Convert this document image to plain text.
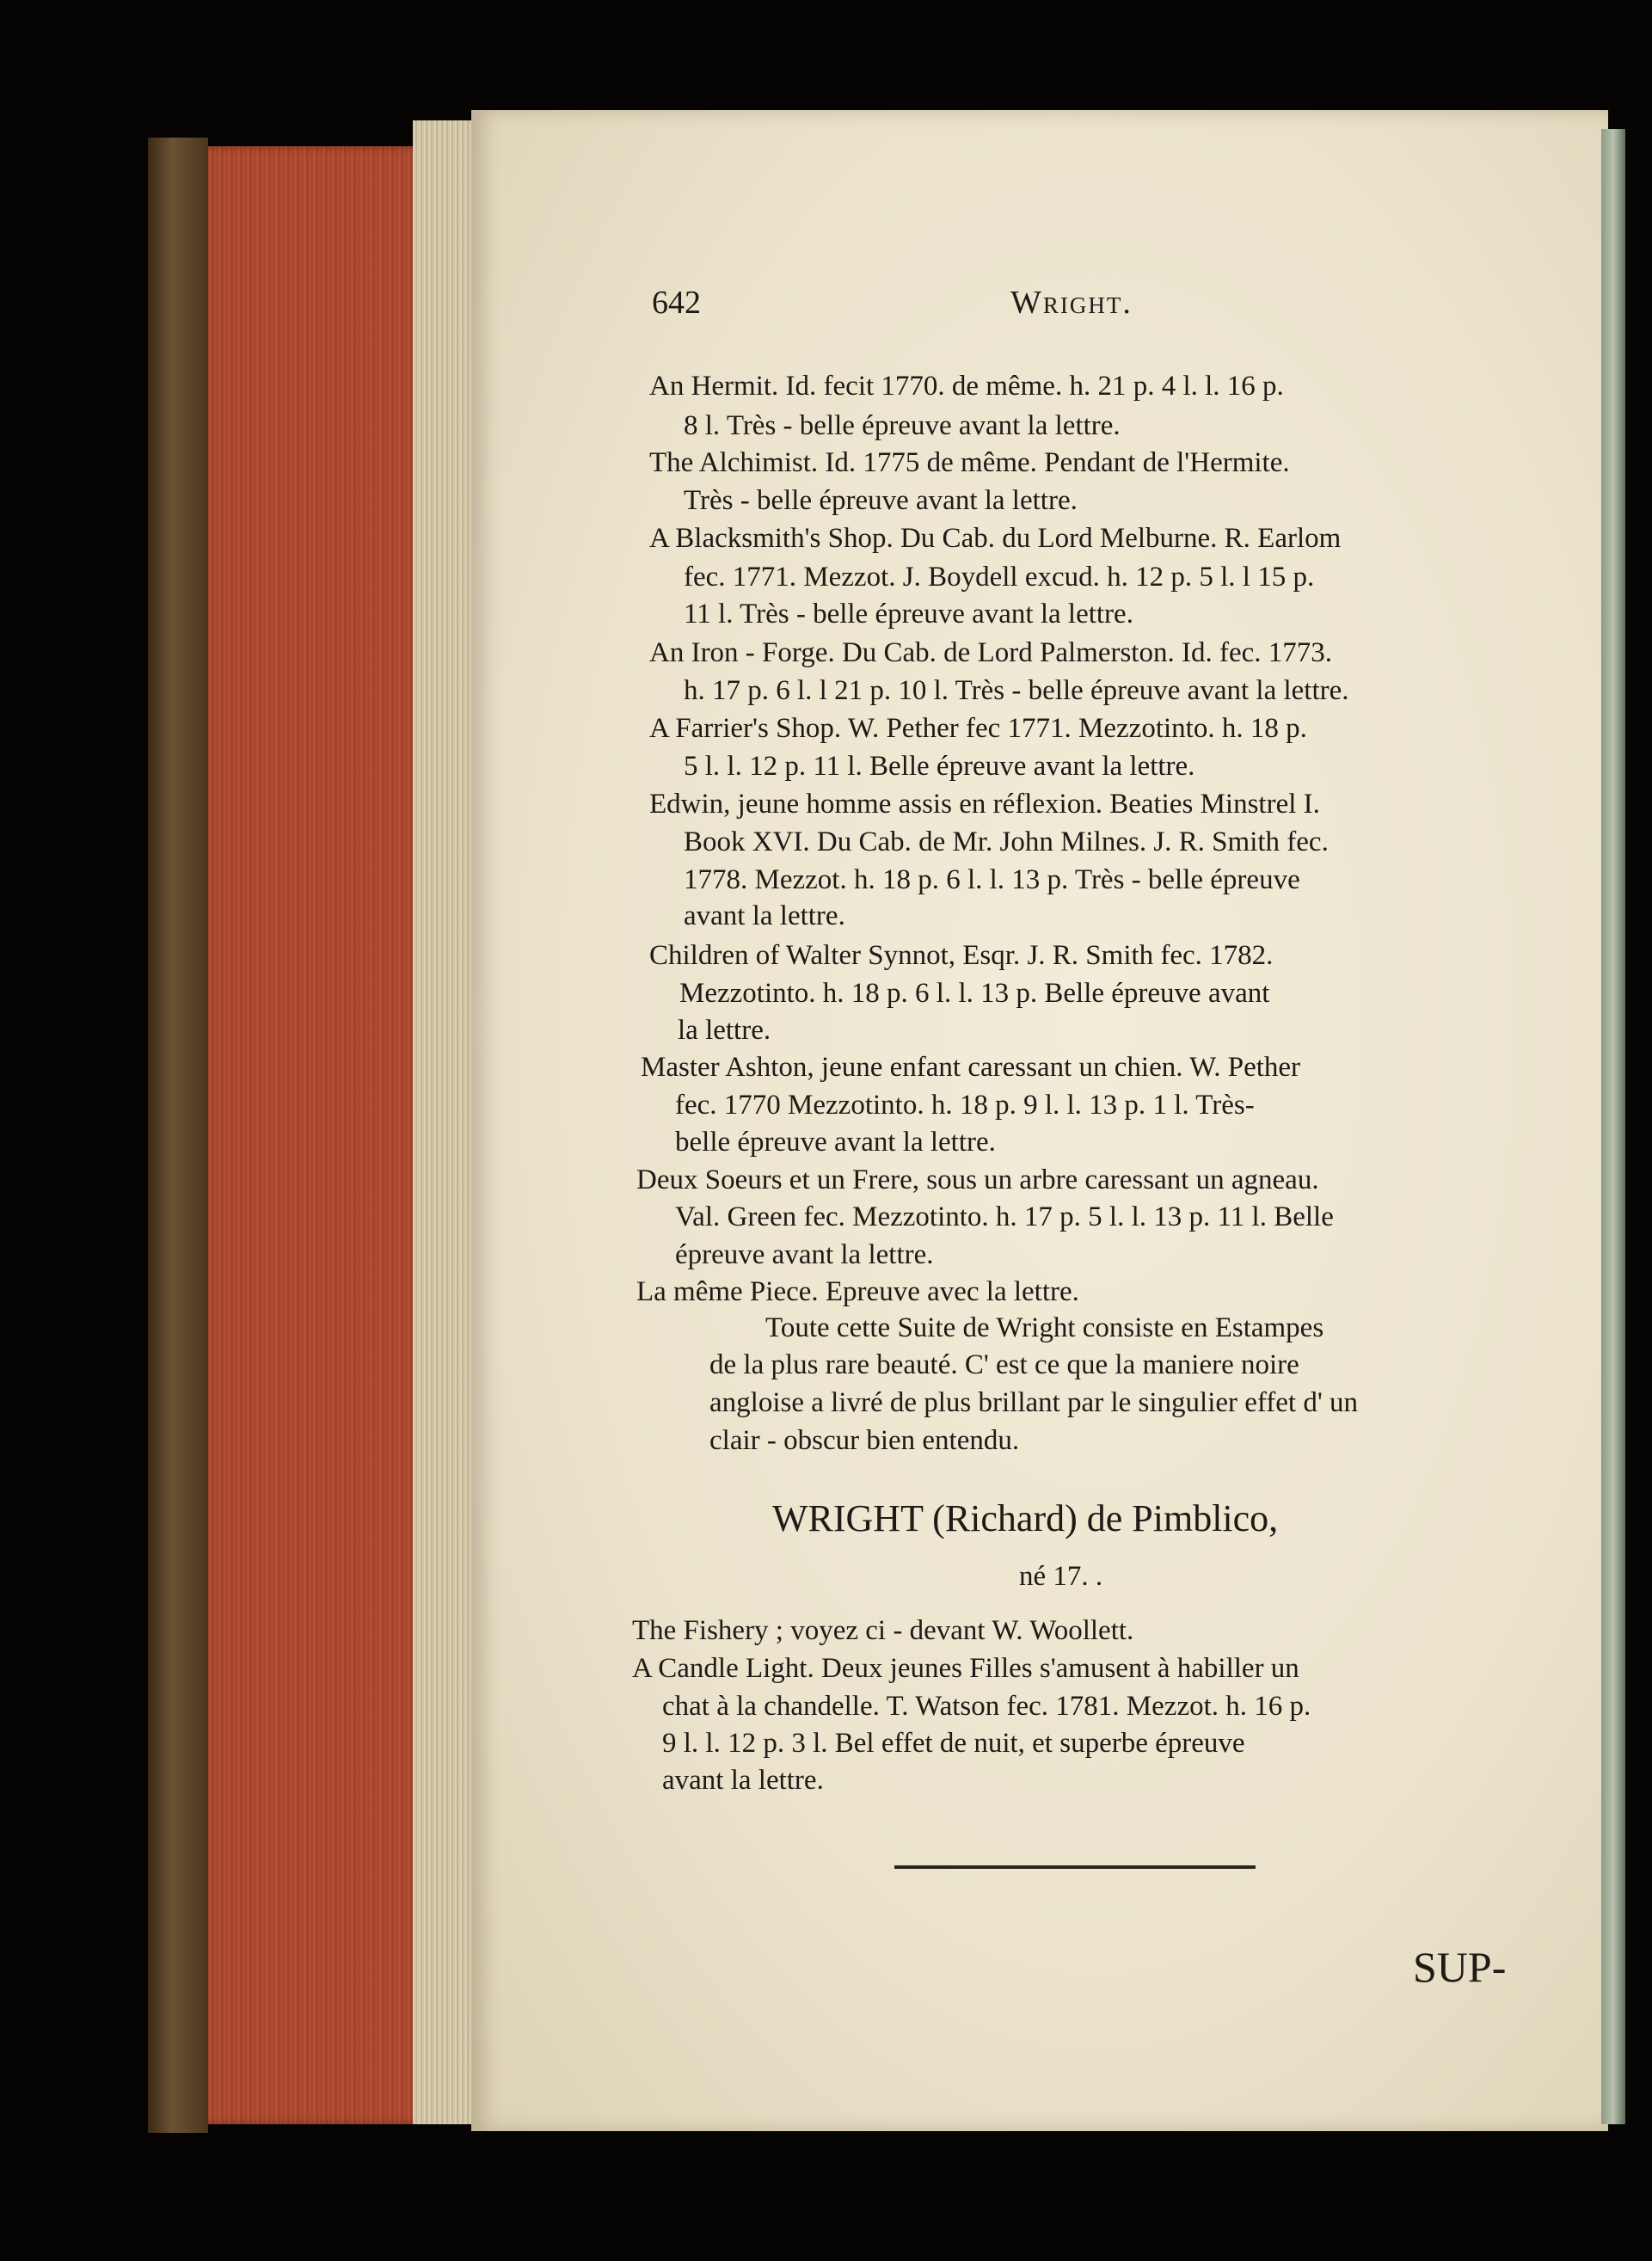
642	Wright.
An Hermit. Id. fecit 1770. de même. h. 21 p. 4 l. l. 16 p.
8 l. Très - belle épreuve avant la lettre.
The Alchimist. Id. 1775 de même. Pendant de l'Hermite.
Très - belle épreuve avant la lettre.
A Blacksmith's Shop. Du Cab. du Lord Melburne. R. Earlom
fec. 1771. Mezzot. J. Boydell excud. h. 12 p. 5 l. l 15 p.
11 l. Très - belle épreuve avant la lettre.
An Iron - Forge. Du Cab. de Lord Palmerston. Id. fec. 1773.
h. 17 p. 6 l. l 21 p. 10 l. Très - belle épreuve avant la lettre.
A Farrier's Shop. W. Pether fec 1771. Mezzotinto. h. 18 p.
5 l. l. 12 p. 11 l. Belle épreuve avant la lettre.
Edwin, jeune homme assis en réflexion. Beaties Minstrel I.
Book XVI. Du Cab. de Mr. John Milnes. J. R. Smith fec.
1778. Mezzot. h. 18 p. 6 l. l. 13 p. Très - belle épreuve
avant la lettre.
Children of Walter Synnot, Esqr. J. R. Smith fec. 1782.
Mezzotinto. h. 18 p. 6 l. l. 13 p. Belle épreuve avant
la lettre.
Master Ashton, jeune enfant caressant un chien. W. Pether
fec. 1770 Mezzotinto. h. 18 p. 9 l. l. 13 p. 1 l. Très-
belle épreuve avant la lettre.
Deux Soeurs et un Frere, sous un arbre caressant un agneau.
Val. Green fec. Mezzotinto. h. 17 p. 5 l. l. 13 p. 11 l. Belle
épreuve avant la lettre.
La même Piece. Epreuve avec la lettre.
Toute cette Suite de Wright consiste en Estampes
de la plus rare beauté. C' est ce que la maniere noire
angloise a livré de plus brillant par le singulier effet d' un
clair - obscur bien entendu.
WRIGHT (Richard) de Pimblico,
né 17. .
The Fishery ; voyez ci - devant W. Woollett.
A Candle Light. Deux jeunes Filles s'amusent à habiller un
chat à la chandelle. T. Watson fec. 1781. Mezzot. h. 16 p.
9 l. l. 12 p. 3 l. Bel effet de nuit, et superbe épreuve
avant la lettre.
SUP-
